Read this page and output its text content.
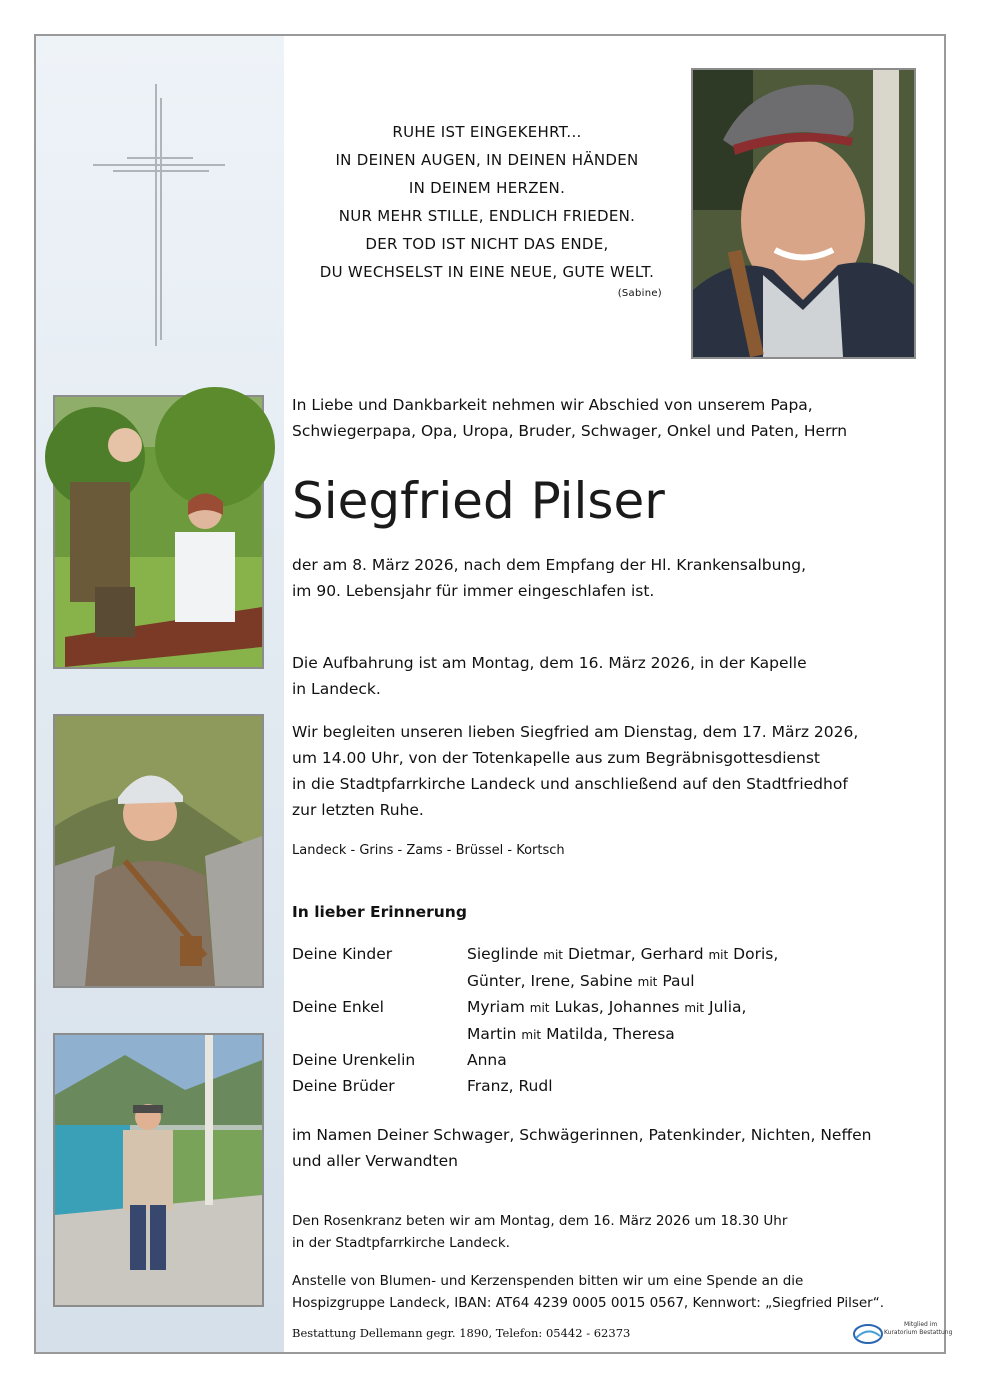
RUHE IST EINGEKEHRT...
IN DEINEN AUGEN, IN DEINEN HÄNDEN
IN DEINEM HERZEN.
NUR MEHR STILLE, ENDLICH FRIEDEN.
DER TOD IST NICHT DAS ENDE,
DU WECHSELST IN EINE NEUE, GUTE WELT.
(Sabine)
In Liebe und Dankbarkeit nehmen wir Abschied von unserem Papa,
Schwiegerpapa, Opa, Uropa, Bruder, Schwager, Onkel und Paten, Herrn
Siegfried Pilser
der am 8. März 2026, nach dem Empfang der Hl. Krankensalbung,
im 90. Lebensjahr für immer eingeschlafen ist.
Die Aufbahrung ist am Montag, dem 16. März 2026, in der Kapelle
in Landeck.
Wir begleiten unseren lieben Siegfried am Dienstag, dem 17. März 2026,
um 14.00 Uhr, von der Totenkapelle aus zum Begräbnisgottesdienst
in die Stadtpfarrkirche Landeck und anschließend auf den Stadtfriedhof
zur letzten Ruhe.
Landeck - Grins - Zams - Brüssel - Kortsch
In lieber Erinnerung
Deine Kinder	Sieglinde mit Dietmar, Gerhard mit Doris,
Günter, Irene, Sabine mit Paul
Deine Enkel	Myriam mit Lukas, Johannes mit Julia,
Martin mit Matilda, Theresa
Deine Urenkelin	Anna
Deine Brüder	Franz, Rudl
im Namen Deiner Schwager, Schwägerinnen, Patenkinder, Nichten, Neffen
und aller Verwandten
Den Rosenkranz beten wir am Montag, dem 16. März 2026 um 18.30 Uhr
in der Stadtpfarrkirche Landeck.
Anstelle von Blumen- und Kerzenspenden bitten wir um eine Spende an die
Hospizgruppe Landeck, IBAN: AT64 4239 0005 0015 0567, Kennwort: „Siegfried Pilser“.
Bestattung Dellemann gegr. 1890, Telefon: 05442 - 62373
Mitglied im
Kuratorium Bestattung
